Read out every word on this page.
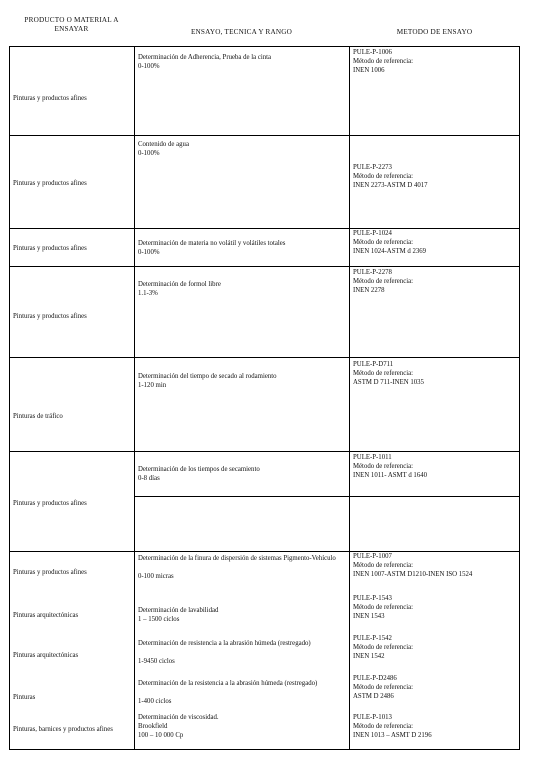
PRODUCTO O MATERIAL A ENSAYAR	ENSAYO, TECNICA Y RANGO	METODO DE ENSAYO
Pinturas y productos afines
Determinación de Adherencia, Prueba de la cinta
0-100%
PULE-P-1006
Método de referencia:
INEN 1006
Pinturas y productos afines
Contenido de agua
0-100%
PULE-P-2273
Método de referencia:
INEN 2273-ASTM D 4017
Pinturas y productos afines
Determinación de materia no volátil y volátiles totales
0-100%
PULE-P-1024
Método de referencia:
INEN 1024-ASTM d 2369
Pinturas y productos afines
Determinación de formol libre
1.1-3%
PULE-P-2278
Método de referencia:
INEN 2278
Pinturas de tráfico
Determinación del tiempo de secado al rodamiento
1-120 min
PULE-P-D711
Método de referencia:
ASTM D 711-INEN 1035
Pinturas y productos afines
Determinación de los tiempos de secamiento
0-8 días
PULE-P-1011
Método de referencia:
INEN 1011- ASMT d 1640
Pinturas y productos afines
Determinación de la finura de dispersión de sistemas Pigmento-Vehículo
0-100 micras
PULE-P-1007
Método de referencia:
INEN 1007-ASTM D1210-INEN ISO 1524
Pinturas arquitectónicas
Determinación de lavabilidad
1 – 1500 ciclos
PULE-P-1543
Método de referencia:
INEN 1543
Pinturas arquitectónicas
Determinación de resistencia a la abrasión húmeda (restregado)
1-9450 ciclos
PULE-P-1542
Método de referencia:
INEN 1542
Pinturas
Determinación de la resistencia a la abrasión húmeda (restregado)
1-400 ciclos
PULE-P-D2486
Método de referencia:
ASTM D 2486
Pinturas, barnices y productos afines
Determinación de viscosidad.
Brookfield
100 – 10 000 Cp
PULE-P-1013
Método de referencia:
INEN 1013 – ASMT D 2196
